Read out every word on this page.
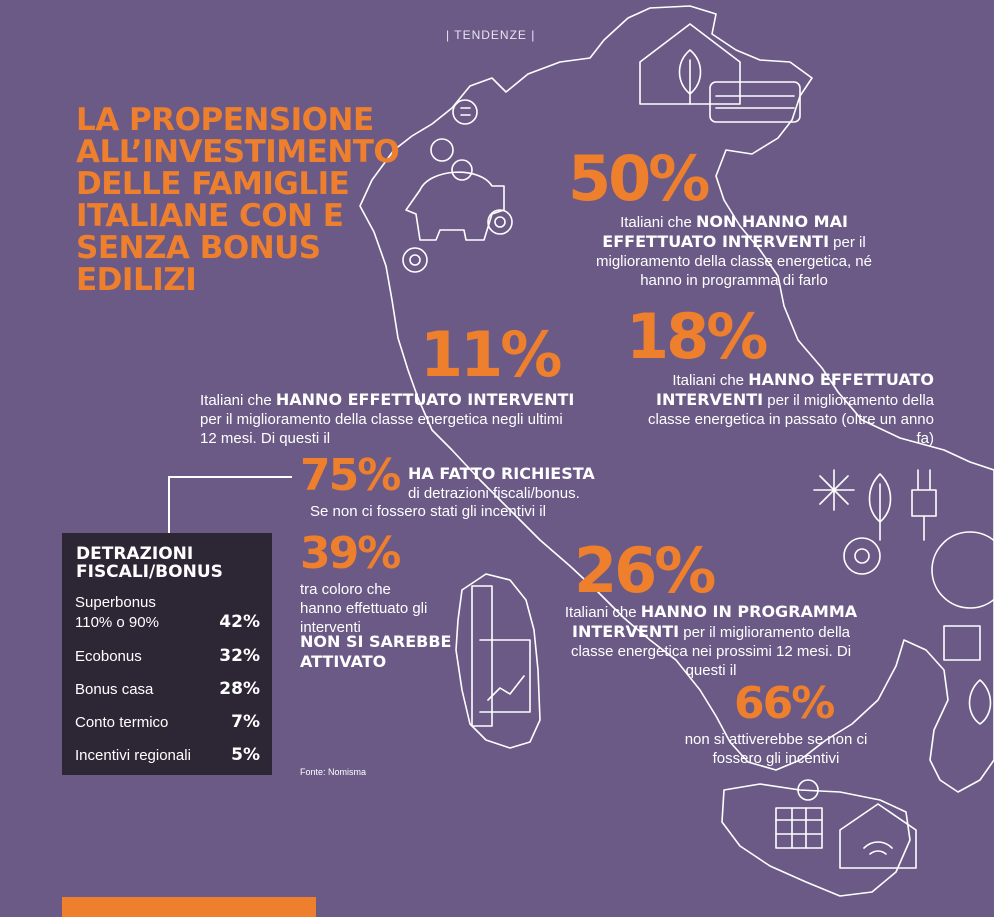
| TENDENZE |
LA PROPENSIONE ALL’INVESTIMENTO DELLE FAMIGLIE ITALIANE CON E SENZA BONUS EDILIZI
50%
Italiani che NON HANNO MAI EFFETTUATO INTERVENTI per il miglioramento della classe energetica, né hanno in programma di farlo
18%
Italiani che HANNO EFFETTUATO INTERVENTI per il miglioramento della classe energetica in passato (oltre un anno fa)
11%
Italiani che HANNO EFFETTUATO INTERVENTI per il miglioramento della classe energetica negli ultimi 12 mesi. Di questi il
75% HA FATTO RICHIESTA
di detrazioni fiscali/bonus.
Se non ci fossero stati gli incentivi il
39%
tra coloro che hanno effettuato gli interventi
NON SI SAREBBE ATTIVATO
26%
Italiani che HANNO IN PROGRAMMA INTERVENTI per il miglioramento della classe energetica nei prossimi 12 mesi. Di questi il
66%
non si attiverebbe se non ci fossero gli incentivi
DETRAZIONI FISCALI/BONUS
Superbonus 110% o 90%	42%
Ecobonus	32%
Bonus casa	28%
Conto termico	7%
Incentivi regionali	5%
Fonte: Nomisma
